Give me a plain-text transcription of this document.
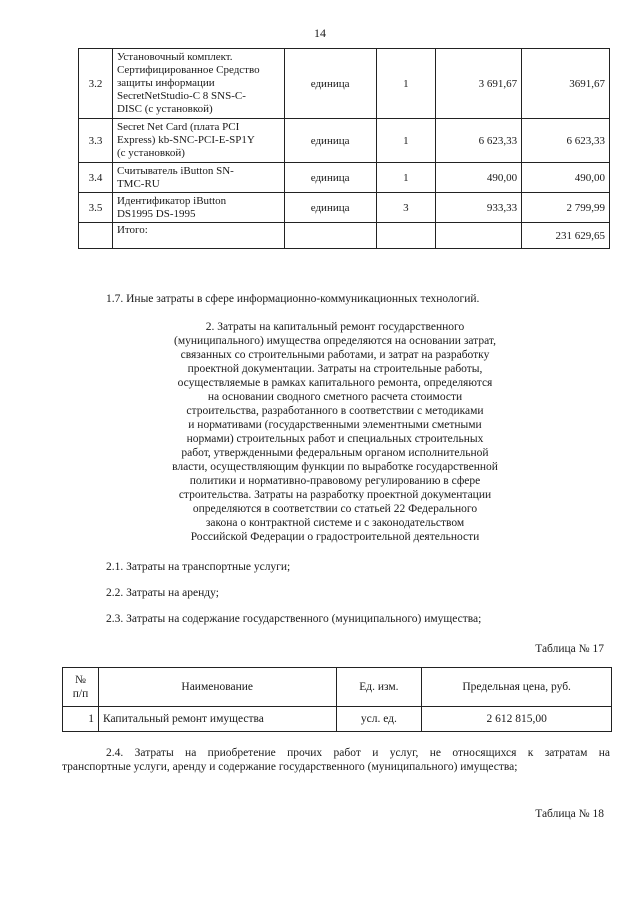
14
3.2	Установочный комплект.
Сертифицированное Средство
защиты информации
SecretNetStudio-C 8 SNS-C-
DISC (с установкой)	единица	1	3 691,67	3691,67
3.3	Secret Net Card (плата PCI
Express) kb-SNC-PCI-E-SP1Y
(с установкой)	единица	1	6 623,33	6 623,33
3.4	Считыватель iButton SN-
TMC-RU	единица	1	490,00	490,00
3.5	Идентификатор iButton
DS1995 DS-1995	единица	3	933,33	2 799,99
	Итого:				231 629,65
1.7. Иные затраты в сфере информационно-коммуникационных технологий.
2. Затраты на капитальный ремонт государственного
(муниципального) имущества определяются на основании затрат,
связанных со строительными работами, и затрат на разработку
проектной документации. Затраты на строительные работы,
осуществляемые в рамках капитального ремонта, определяются
на основании сводного сметного расчета стоимости
строительства, разработанного в соответствии с методиками
и нормативами (государственными элементными сметными
нормами) строительных работ и специальных строительных
работ, утвержденными федеральным органом исполнительной
власти, осуществляющим функции по выработке государственной
политики и нормативно-правовому регулированию в сфере
строительства. Затраты на разработку проектной документации
определяются в соответствии со статьей 22 Федерального
закона о контрактной системе и с законодательством
Российской Федерации о градостроительной деятельности
2.1. Затраты на транспортные услуги;
2.2. Затраты на аренду;
2.3. Затраты на содержание государственного (муниципального) имущества;
Таблица № 17
№
п/п	Наименование	Ед. изм.	Предельная цена, руб.
1	Капитальный ремонт имущества	усл. ед.	2 612 815,00
2.4. Затраты на приобретение прочих работ и услуг, не относящихся к затратам на
транспортные услуги, аренду и содержание государственного (муниципального) имущества;
Таблица № 18
